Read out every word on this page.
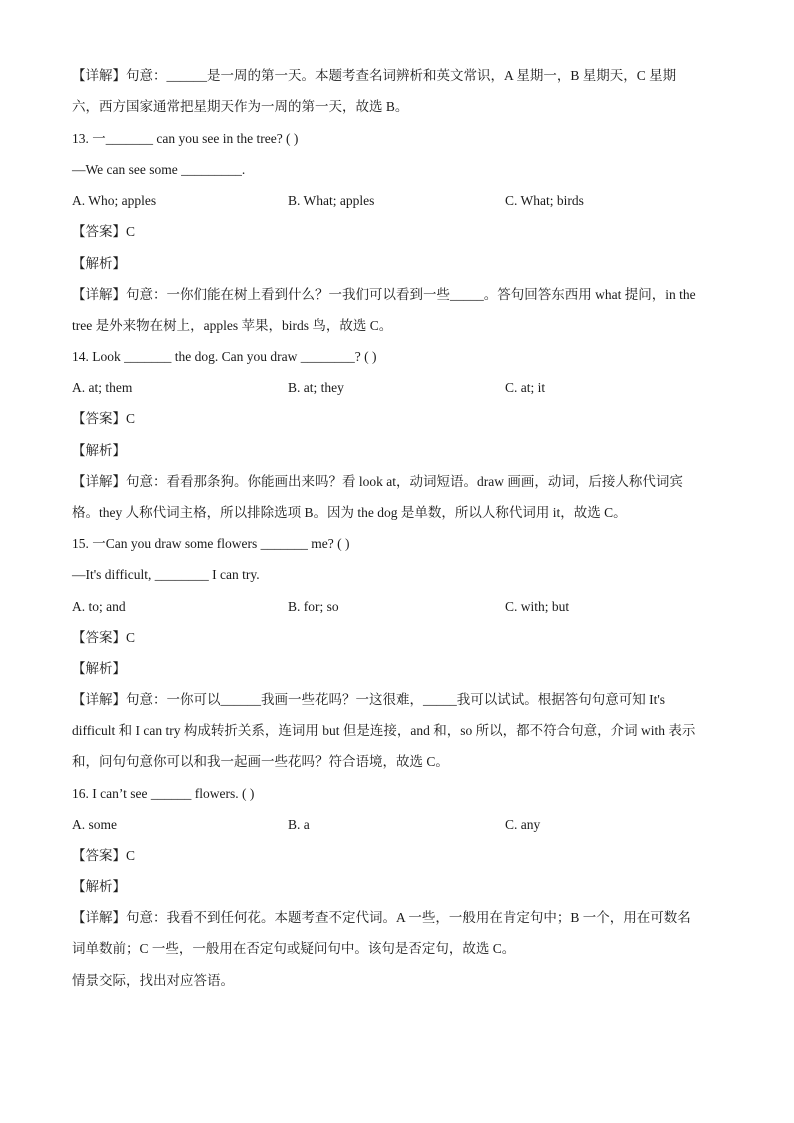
【详解】句意：______是一周的第一天。本题考查名词辨析和英文常识，A 星期一，B 星期天，C 星期
六，西方国家通常把星期天作为一周的第一天，故选 B。
13. 一_______ can you see in the tree? ( )
—We can see some _________.
A. Who; apples	B. What; apples	C. What; birds
【答案】C
【解析】
【详解】句意：一你们能在树上看到什么？一我们可以看到一些_____。答句回答东西用 what 提问，in the
tree 是外来物在树上，apples 苹果，birds 鸟，故选 C。
14. Look _______ the dog. Can you draw ________? ( )
A. at; them	B. at; they	C. at; it
【答案】C
【解析】
【详解】句意：看看那条狗。你能画出来吗？看 look at，动词短语。draw 画画，动词，后接人称代词宾
格。they 人称代词主格，所以排除选项 B。因为 the dog 是单数，所以人称代词用 it，故选 C。
15. 一Can you draw some flowers _______ me? ( )
—It's difficult, ________ I can try.
A. to; and	B. for; so	C. with; but
【答案】C
【解析】
【详解】句意：一你可以______我画一些花吗？一这很难，_____我可以试试。根据答句句意可知 It's
difficult 和 I can try 构成转折关系，连词用 but 但是连接，and 和，so 所以，都不符合句意，介词 with 表示
和，问句句意你可以和我一起画一些花吗？符合语境，故选 C。
16. I can’t see ______ flowers. ( )
A. some	B. a	C. any
【答案】C
【解析】
【详解】句意：我看不到任何花。本题考查不定代词。A 一些，一般用在肯定句中；B 一个，用在可数名
词单数前；C 一些，一般用在否定句或疑问句中。该句是否定句，故选 C。
情景交际，找出对应答语。
